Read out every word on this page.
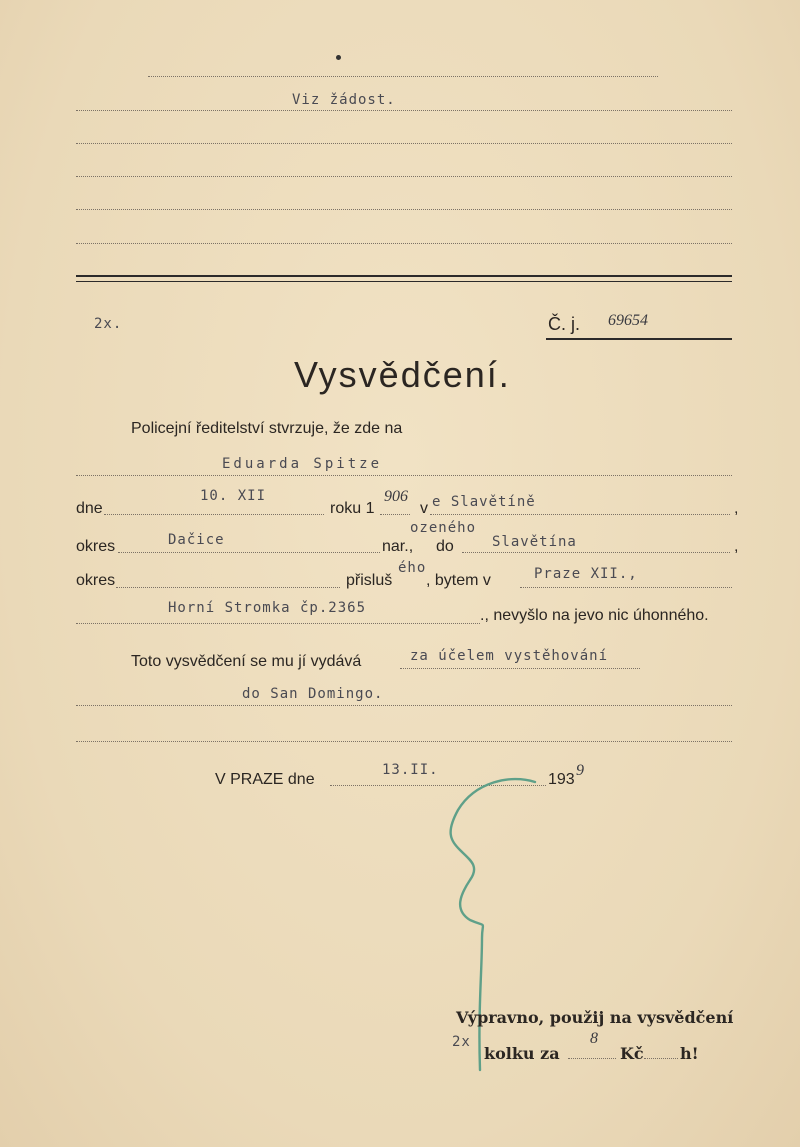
Viz žádost.
2x.	Č. j. 69654
Vysvědčení.
Policejní ředitelství stvrzuje, že zde na
Eduarda Spitze
dne
10. XII
roku 1
906
v e Slavětíně	,
okres	Dačice	nar.,
ozeného
do	Slavětína	,
okres	přisluš
ého
, bytem v	Praze XII.,
Horní Stromka čp.2365	., nevyšlo na jevo nic úhonného.
Toto vysvědčení se mu jí vydává	za účelem vystěhování
do San Domingo.
V PRAZE dne
13.II.
193
9
Výpravno, použij na vysvědčení
2x
kolku za
8
Kč h!
